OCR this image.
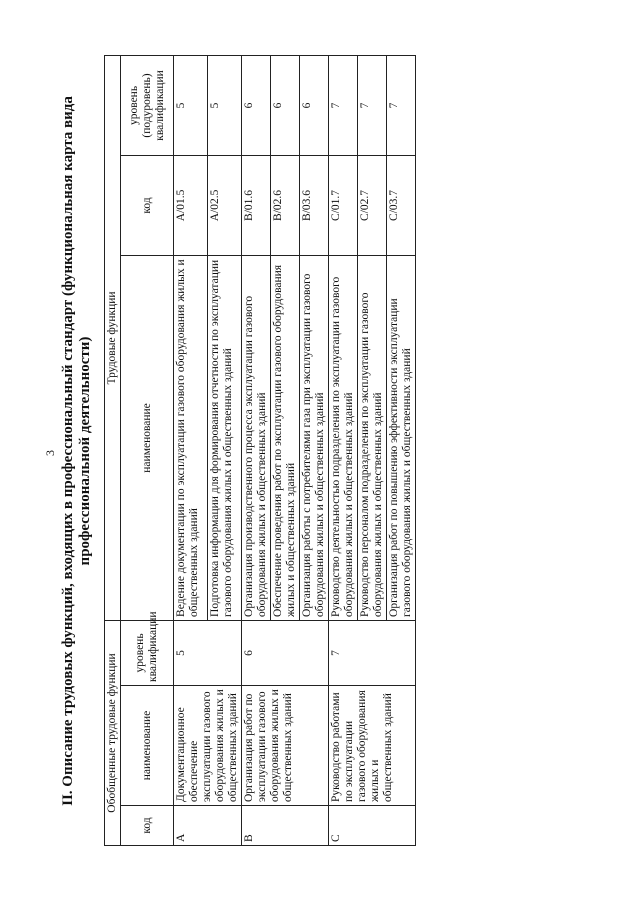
3 II. Описание трудовых функций, входящих в профессиональный стандарт (функциональная карта вида профессиональной деятельности)

Обобщенные трудовые функции			Трудовые функции		
код	наименование	уровень квалификации	наименование	код	уровень (подуровень) квалификации
A	Документационное обеспечение эксплуатации газового оборудования жилых и общественных зданий	5	Ведение документации по эксплуатации газового оборудования жилых и общественных зданий	A/01.5	5
			Подготовка информации для формирования отчетности по эксплуатации газового оборудования жилых и общественных зданий	A/02.5	5
B	Организация работ по эксплуатации газового оборудования жилых и общественных зданий	6	Организация производственного процесса эксплуатации газового оборудования жилых и общественных зданий	B/01.6	6
			Обеспечение проведения работ по эксплуатации газового оборудования жилых и общественных зданий	B/02.6	6
			Организация работы с потребителями газа при эксплуатации газового оборудования жилых и общественных зданий	B/03.6	6
C	Руководство работами по эксплуатации газового оборудования жилых и общественных зданий	7	Руководство деятельностью подразделения по эксплуатации газового оборудования жилых и общественных зданий	C/01.7	7
			Руководство персоналом подразделения по эксплуатации газового оборудования жилых и общественных зданий	C/02.7	7
			Организация работ по повышению эффективности эксплуатации газового оборудования жилых и общественных зданий	C/03.7	7
